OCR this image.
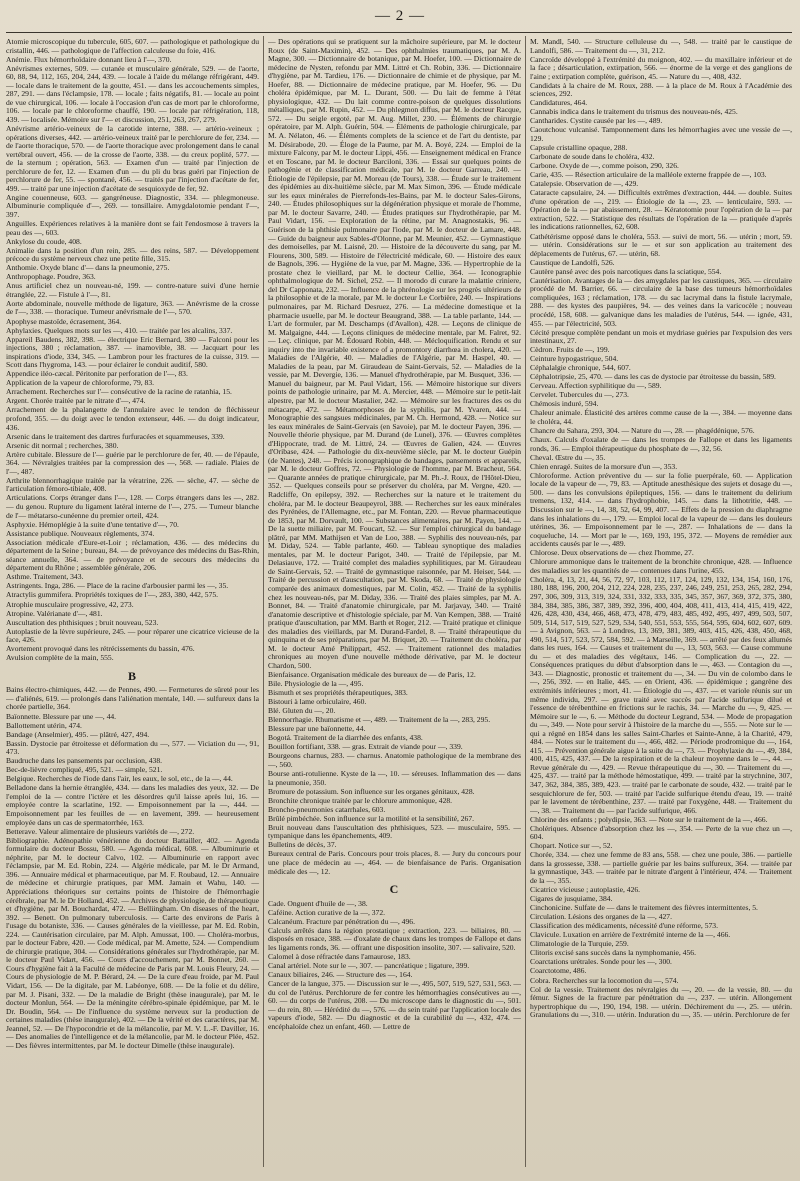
— 2 —

Atomie microscopique du tubercule, 605, 607. — pathologique et pathologique du cristallin, 446. — pathologique de l'affection calculeuse du foie, 416.

Anémie. Flux hémorrhoïdaire donnant lieu à l'—, 370.

Anévrismes externes, 509. — cutanée et musculaire générale, 529. — de l'aorte, 60, 88, 94, 112, 165, 204, 244, 439. — locale à l'aide du mélange réfrigérant, 449. — locale dans le traitement de la goutte, 451. — dans les accouchements simples, 287, 291. — dans l'éclampsie, 178. — locale ; faits négatifs, 81. — locale au point de vue chirurgical, 106. — locale à l'occasion d'un cas de mort par le chloroforme, 106. — locale par le chloroforme chauffé, 190. — locale par réfrigération, 118, 439. — localisée. Mémoire sur l'— et discussion, 251, 263, 267, 279.

Anévrisme artério-veineux de la carotide interne, 388. — artério-veineux ; opérations diverses, 442. — artério-veineux traité par le perchlorure de fer, 234. — de l'aorte thoracique, 570. — de l'aorte thoracique avec prolongement dans le canal vertébral ouvert, 456. — de la crosse de l'aorte, 338. — du creux poplité, 577. — de la sternum ; opération, 563. — Examen d'un — traité par l'injection de perchlorure de fer, 12. — Examen d'un — du pli du bras guéri par l'injection de perchlorure de fer, 55. — spontané, 456. — traités par l'injection d'acétate de fer, 499. — traité par une injection d'acétate de sesquioxyde de fer, 92.

Angine couenneuse, 603. — gangréneuse. Diagnostic, 334. — phlegmoneuse. Albuminurie compliquée d'—, 269. — tonsillaire. Amygdalotomie pendant l'—, 397.

Anguilles. Expériences relatives à la manière dont se fait l'endosmose à travers la peau des —, 603.

Ankylose du coude, 408.

Animalie dans la position d'un rein, 285. — des reins, 587. — Développement précoce du système nerveux chez une petite fille, 315.

Anthomie. Oxyde blanc d'— dans la pneumonie, 275.

Anthropophage. Poudre, 363.

Anus artificiel chez un nouveau-né, 199. — contre-nature suivi d'une hernie étranglée, 22. — Fistule à l'—, 81.

Aorte abdominale, nouvelle méthode de ligature, 363. — Anévrisme de la crosse de l'—, 338. — thoracique. Tumeur anévrismale de l'—, 570.

Apophyse mastoïde, écrasement, 364.

Aphylaxies. Quelques mots sur les —, 410. — traitée par les alcalins, 337.

Appareil Baudens, 382, 398. — électrique Eric Bernard, 380 — Falconi pour les injections, 380 ; réclamation, 387. — inamovible, 38. — Jacquart pour les inspirations d'iode, 334, 345. — Lambron pour les fractures de la cuisse, 319. — Scott dans l'hygroma, 143. — pour éclairer le conduit auditif, 580.

Appendice iléo-cæcal. Péritonite par perforation de l'—, 83.

Application de la vapeur de chloroforme, 79, 83.

Arrachement. Recherches sur l'— consécutive de la racine de ratanhia, 15.

Argent. Chorée traitée par le nitrate d'—, 474.

Arrachement de la phalangette de l'annulaire avec le tendon de fléchisseur profond, 355. — du doigt avec le tendon extenseur, 446. — du doigt indicateur, 436.

Arsenic dans le traitement des dartres furfuracées et squammeuses, 339.

Arsenic dit normal ; recherches, 380.

Artère cubitale. Blessure de l'— guérie par le perchlorure de fer, 40. — de l'épaule, 364. — Névralgies traitées par la compression des —, 568. — radiale. Plaies de l'—, 487.

Arthrite blennorrhagique traitée par la vératrine, 226. — sèche, 47. — sèche de l'articulation fémoro-tibiale, 408.

Articulations. Corps étranger dans l'—, 128. — Corps étrangers dans les —, 282. — du genou. Rupture du ligament latéral interne de l'—, 275. — Tumeur blanche de l'— métatarso-cunéenne du premier orteil, 424.

Asphyxie. Hémoplégie à la suite d'une tentative d'—, 70.

Assistance publique. Nouveaux règlements, 374.

Association médicale d'Eure-et-Loir ; réclamation, 436. — des médecins du département de la Seine ; bureau, 84. — de prévoyance des médecins du Bas-Rhin, séance annuelle, 364. — de prévoyance et de secours des médecins du département du Rhône ; assemblée générale, 206.

Asthme. Traitement, 343.

Astringents. Inga, 286. — Place de la racine d'arbousier parmi les —, 35.

Atractylis gummifera. Propriétés toxiques de l'—, 283, 380, 442, 575.

Atrophie musculaire progressive, 42, 273.

Atropine. Valérianate d'—, 481.

Auscultation des phthisiques ; bruit nouveau, 523.

Autoplastie de la lèvre supérieure, 245. — pour réparer une cicatrice vicieuse de la face, 426.

Avortement provoqué dans les rétrécissements du bassin, 476.

Avulsion complète de la main, 555.

B

Bains électro-chimiques, 442. — de Pennes, 490. — Fermetures de sûreté pour les — d'aliénés, 619. — prolongés dans l'aliénation mentale, 140. — sulfureux dans la chorée partielle, 364.

Baïonnette. Blessure par une —, 44.

Ballottement utérin, 474.

Bandage (Anselmier), 495. — plâtré, 427, 494.

Bassin. Dystocie par étroitesse et déformation du —, 577. — Viciation du —, 91, 473.

Baudruche dans les pansements par occlusion, 438.

Bec-de-lièvre compliqué, 495, 521. — simple, 521.

Belgique. Recherches de l'iode dans l'air, les eaux, le sol, etc., de la —, 44.

Belladone dans la hernie étranglée, 434. — dans les maladies des yeux, 32. — De l'emploi de la — contre l'ictère et les désordres qu'il laisse après lui, 16. — employée contre la scarlatine, 192. — Empoisonnement par la —, 444. — Empoisonnement par les feuilles de — en lavement, 399. — heureusement employée dans un cas de spermatorrhée, 163.

Betterave. Valeur alimentaire de plusieurs variétés de —, 272.

Bibliographie. Adénopathie vénérienne du docteur Battailler, 402. — Agenda formulaire du docteur Bossu, 580. — Agenda médical, 608. — Albuminurie et néphrite, par M. le docteur Calvo, 102. — Albuminurie en rapport avec l'éclampsie, par M. Ed. Robin, 224. — Algérie médicale, par M. le Dr Armand, 396. — Annuaire médical et pharmaceutique, par M. F. Roubaud, 12. — Annuaire de médecine et chirurgie pratiques, par MM. Jamain et Wahu, 140. — Appréciations théoriques sur certains points de l'histoire de l'hémorrhagie cérébrale, par M. le Dr Holland, 452. — Archives de physiologie, de thérapeutique et d'hygiène, par M. Bouchardat, 472. — Belliingham. On diseases of the heart, 392. — Benett. On pulmonary tuberculosis. — Carte des environs de Paris à l'usage du botaniste, 336. — Causes générales de la vieillesse, par M. Ed. Robin, 224. — Cautérisation circulaire, par M. Alph. Amussat, 100. — Choléra-morbus, par le docteur Fabre, 420. — Code médical, par M. Amette, 524. — Compendium de chirurgie pratique, 304. — Considérations générales sur l'hydrothérapie, par M. le docteur Paul Vidart, 456. — Cours d'accouchement, par M. Bonnet, 260. — Cours d'hygiène fait à la Faculté de médecine de Paris par M. Louis Fleury, 24. — Cours de physiologie de M. P. Bérard, 24. — De la cure d'eau froide, par M. Paul Vidart, 156. — De la digitale, par M. Labéonye, 608. — De la folie et du délire, par M. J. Pisani, 332. — De la maladie de Bright (thèse inaugurale), par M. le docteur Monlun, 564. — De la méningite cérébro-spinale épidémique, par M. le Dr. Boudin, 564. — De l'influence du système nerveux sur la production de certaines maladies (thèse inaugurale), 402. — De la vérité et des caractères, par M. Jeannel, 52. — De l'hypocondrie et de la mélancolie, par M. V. L.-F. Daviller, 16. — Des anomalies de l'intelligence et de la mélancolie, par M. le docteur Plée, 452. — Des fièvres intermittentes, par M. le docteur Dimelle (thèse inaugurale).

— Des opérations qui se pratiquent sur la mâchoire supérieure, par M. le docteur Roux (de Saint-Maximin), 452. — Des ophthalmies traumatiques, par M. A. Magne, 300. — Dictionnaire de botanique, par M. Hoefer, 100. — Dictionnaire de médecine de Nysten, refondu par MM. Littré et Ch. Robin, 336. — Dictionnaire d'hygiène, par M. Tardieu, 176. — Dictionnaire de chimie et de physique, par M. Hoefer, 88. — Dictionnaire de médecine pratique, par M. Hoefer, 96. — Du choléra épidémique, par M. L. Durant, 500. — Du lait de femme à l'état physiologique, 432. — Du lait comme contre-poison de quelques dissolutions métalliques, par M. Rupin, 452. — Du phlegmon diffus, par M. le docteur Racque, 572. — Du seigle ergoté, par M. Aug. Millet, 230. — Éléments de chirurgie opératoire, par M. Alph. Guérin, 504. — Éléments de pathologie chirurgicale, par M. A. Nélaton, 46. — Éléments complets de la science et de l'art du dentiste, par M. Désirabode, 20. — Éloge de la Paume, par M. A. Boyé, 224. — Emploi de la mixture Falcony, par M. le docteur Lippi, 456. — Enseignement médical en France et en Toscane, par M. le docteur Barciloni, 336. — Essai sur quelques points de pathogénie et de classification médicale, par M. le docteur Garreau, 240. — Étiologie de l'épilepsie, par M. Moreau (de Tours), 338. — Étude sur le traitement des épidémies au dix-huitième siècle, par M. Max Simon, 396. — Étude médicale sur les eaux minérales de Pierrefonds-les-Bains, par M. le docteur Sales-Girons, 240. — Études philosophiques sur la dégénération physique et morale de l'homme, par M. le docteur Savarre, 240. — Études pratiques sur l'hydrothérapie, par M. Paul Vidart, 156. — Exploration de la rétine, par M. Anagnostakis, 96. — Guérison de la phthisie pulmonaire par l'iode, par M. le docteur de Lamare, 448. — Guide du baigneur aux Sables-d'Olonne, par M. Meunier, 452. — Gymnastique des demoiselles, par M. Laisné, 20. — Histoire de la découverte du sang, par M. Flourens, 300, 589. — Histoire de l'électricité médicale, 60. — Histoire des eaux de Bagnols, 396. — Hygiène de la vue, par M. Magne, 336. — Hypertrophie de la prostate chez le vieillard, par M. le docteur Cellie, 364. — Iconographie ophthalmologique de M. Sichel, 252. — Il morodo di curare la malattie criniere, del Dr Capponata, 232. — Influence de la phrénologie sur les progrès ultérieurs de la philosophie et de la morale, par M. le docteur Le Corbière, 240. — Inspirations pulmonaires, par M. Richard Desruez, 276. — La médecine domestique et la pharmacie usuelle, par M. le docteur Beaugrand, 388. — La table parlante, 144. — L'art de formuler, par M. Deschamps (d'Avallon), 428. — Leçons de clinique de M. Malgaigne, 444. — Leçons cliniques de médecine mentale, par M. Falret, 92. — Leç. clinique, par M. Édouard Robin, 448. — Mécloquification. Rendu et sur inquiry into the invariable existence of a promontory diarrhœa in cholera, 420. — Maladies de l'Algérie, 40. — Maladies de l'Algérie, par M. Haspel, 40. — Maladies de la peau, par M. Giraudeau de Saint-Gervais, 52. — Maladies de la vessie, par M. Devergie, 136. — Manuel d'hydrothérapie, par M. Busquet, 336. — Manuel du baigneur, par M. Paul Vidart, 156. — Mémoire historique sur divers points de pathologie urinaire, par M. A. Mercier, 448. — Mémoire sur le petit-lait alpestre, par M. le docteur Mastalier, 242. — Mémoire sur les fractures des os du métacarpe, 472. — Métamorphoses de la syphilis, par M. Yvaren, 444. — Monographie des sangsues médicinales, par M. Ch. Hermond, 428. — Notice sur les eaux minérales de Saint-Gervais (en Savoie), par M. le docteur Payen, 396. — Nouvelle théorie physique, par M. Durand (de Lunel), 376. — Œuvres complètes d'Hippocrate, trad. de M. Littré, 24. — Œuvres de Galien, 424. — Œuvres d'Oribase, 424. — Pathologie du dix-neuvième siècle, par M. le docteur Guépin (de Nantes), 248. — Précis iconographique de bandages, pansements et appareils, par M. le docteur Goffres, 72. — Physiologie de l'homme, par M. Bracheut, 564. — Quarante années de pratique chirurgicale, par M. Ph.-J. Roux, de l'Hôtel-Dieu, 352. — Quelques conseils pour se préserver du choléra, par M. Vergne, 420. — Radcliffe, On epilepsy, 392. — Recherches sur la nature et le traitement du choléra, par M. le docteur Beaupeyrol, 388. — Recherches sur les eaux minérales des Pyrénées, de l'Allemagne, etc., par M. Fontan, 220. — Revue pharmaceutique de 1853, par M. Dorvault, 100. — Substances alimentaires, par M. Payen, 144. — De la suette miliaire, par M. Foucart, 52. — Sur l'emploi chirurgical du bandage plâtré, par MM. Mathijsen et Van de Loo, 388. — Syphilis des nouveau-nés, par M. Diday, 524. — Table parlante, 460. — Tableau synoptique des maladies mentales, par M. le docteur Parigot, 340. — Traité de l'épilepsie, par M. Delasiauve, 172. — Traité complet des maladies syphilitiques, par M. Giraudeau de Saint-Gervais, 52. — Traité de gymnastique raisonnée, par M. Heiser, 544. — Traité de percussion et d'auscultation, par M. Skoda, 68. — Traité de physiologie comparée des animaux domestiques, par M. Colin, 452. — Traité de la syphilis chez les nouveau-nés, par M. Diday, 336. — Traité des plaies simples, par M. A. Bonnet, 84. — Traité d'anatomie chirurgicale, par M. Jarjavay, 340. — Traité d'anatomie descriptive et d'histologie spéciale, par M. Van Kempen, 388. — Traité pratique d'auscultation, par MM. Barth et Roger, 212. — Traité pratique et clinique des maladies des vieillards, par M. Durand-Fardel, 8. — Traité thérapeutique du quinquina et de ses préparations, par M. Briquet, 20. — Traitement du choléra, par M. le docteur Amé Philippart, 452. — Traitement rationnel des maladies chroniques au moyen d'une nouvelle méthode dérivative, par M. le docteur Chardon, 500.

Bienfaisance. Organisation médicale des bureaux de — de Paris, 12.

Bile. Physiologie de la —, 495.

Bismuth et ses propriétés thérapeutiques, 383.

Bistouri à lame orbiculaire, 460.

Blé. Gluten du —, 20.

Blennorrhagie. Rhumatisme et —, 489. — Traitement de la —, 283, 295.

Blessure par une baïonnette, 44.

Bogotá. Traitement de la diarrhée des enfants, 438.

Bouillon fortifiant, 338. — gras. Extrait de viande pour —, 339.

Bourgeons charnus, 283. — charnus. Anatomie pathologique de la membrane des —, 560.

Bourse anti-rotulienne. Kyste de la —, 10. — séreuses. Inflammation des — dans la pneumonie, 350.

Bromure de potassium. Son influence sur les organes génitaux, 428.

Bronchite chronique traitée par le chlorure ammonique, 428.

Broncho-pneumonies catarrhales, 603.

Brûlé pimbéchée. Son influence sur la motilité et la sensibilité, 267.

Bruit nouveau dans l'auscultation des phthisiques, 523. — musculaire, 595. — tympanique dans les épanchements, 409.

Bulletins de décès, 37.

Bureaux central de Paris. Concours pour trois places, 8. — Jury du concours pour une place de médecin au —, 464. — de bienfaisance de Paris. Organisation médicale des —, 12.

C

Cade. Onguent d'huile de —, 38.

Caféine. Action curative de la —, 372.

Calcanéum. Fracture par pénétration du —, 496.

Calculs arrêtés dans la région prostatique ; extraction, 223. — biliaires, 80. — disposés en rosace, 388. — d'oxalate de chaux dans les trompes de Fallope et dans les ligaments ronds, 36. — offrant une disposition insolite, 307. — salivaire, 520.

Calomel à dose réfractée dans l'amaurose, 183.

Canal artériel. Note sur le —, 307. — pancréatique ; ligature, 399.

Canaux biliaires, 246. — Structure des —, 164.

Cancer de la langue, 375. — Discussion sur le —, 495, 507, 519, 527, 531, 563. — du col de l'utérus. Perchlorure de fer contre les hémorrhagies consécutives au —, 60. — du corps de l'utérus, 208. — Du microscope dans le diagnostic du —, 501. — du rein, 80. — Hérédité du —, 576. — du sein traité par l'application locale des vapeurs d'iode, 582. — Du diagnostic et de la curabilité du —, 432, 474. — encéphaloïde chez un enfant, 460. — Lettre de

M. Mandl, 540. — Structure celluleuse du —, 548. — traité par le caustique de Landolfi, 586. — Traitement du —, 31, 212.

Cancroïde développé à l'extrémité du moignon, 402. — du maxillaire inférieur et de la face ; désarticulation, extirpation, 566. — énorme de la verge et des ganglions de l'aine ; extirpation complète, guérison, 45. — Nature du —, 408, 432.

Candidats à la chaire de M. Roux, 288. — à la place de M. Roux à l'Académie des sciences, 292.

Candidatures, 464.

Cannabis indica dans le traitement du trismus des nouveau-nés, 425.

Cantharides. Cystite causée par les —, 489.

Caoutchouc vulcanisé. Tamponnement dans les hémorrhagies avec une vessie de —, 129.

Capsule cristalline opaque, 288.

Carbonate de soude dans le choléra, 432.

Carbone. Oxyde de —, comme poison, 290, 326.

Carie, 435. — Résection articulaire de la malléole externe frappée de —, 103.

Catalepsie. Observation de —, 429.

Cataracte capsulaire, 24. — Difficultés extrêmes d'extraction, 444. — double. Suites d'une opération de —, 219. — Étiologie de la —, 23. — lenticulaire, 593. — Opération de la — par abaissement, 28. — Kératotomie pour l'opération de la — par extraction, 522. — Statistique des résultats de l'opération de la — pratiquée d'après les indications rationnelles, 62, 608.

Cathétérisme opposé dans le choléra, 553. — suivi de mort, 56. — utérin ; mort, 59. — utérin. Considérations sur le — et sur son application au traitement des déplacements de l'utérus, 67. — utérin, 68.

Caustique de Landolfi, 526.

Cautère pansé avec des pois narcotiques dans la sciatique, 554.

Cautérisation. Avantages de la — des amygdales par les caustiques, 365. — circulaire procédé de M. Barrier, 66. — circulaire de la base des tumeurs hémorrhoïdales compliquées, 163 ; réclamation, 178. — du sac lacrymal dans la fistule lacrymale, 288. — des kystes des paupières, 94. — des veines dans la varicocèle ; nouveau procédé, 158, 608. — galvanique dans les maladies de l'utérus, 544. — ignée, 431, 455. — par l'électricité, 503.

Cécité presque complète pendant un mois et mydriase guéries par l'expulsion des vers intestinaux, 27.

Cèdron. Fruits de —, 199.

Ceinture hypogastrique, 504.

Céphalalgie chronique, 544, 607.

Céphalotripsie, 25, 470. — dans les cas de dystocie par étroitesse du bassin, 589.

Cerveau. Affection syphilitique du —, 589.

Cervelet. Tubercules du —, 273.

Chémosis induré, 594.

Chaleur animale. Élasticité des artères comme cause de la —, 384. — moyenne dans le choléra, 44.

Chancre du Sahara, 293, 304. — Nature du —, 28. — phagédénique, 576.

Chaux. Calculs d'oxalate de — dans les trompes de Fallope et dans les ligaments ronds, 36. — Emploi thérapeutique du phosphate de —, 32, 56.

Cheval. Œstre du —, 35.

Chien enragé. Suites de la morsure d'un —, 353.

Chloroforme. Action préventive du — sur la folie puerpérale, 60. — Application locale de la vapeur de —, 79, 83. — Aptitude anesthésique des sujets et dosage du —, 500. — dans les convulsions épileptiques, 156. — dans le traitement du delirium tremens, 132, 414. — dans l'hydrophobie, 145. — dans la lithotritie, 448. — Discussion sur le —, 14, 38, 52, 64, 99, 407. — Effets de la pression du diaphragme dans les inhalations du —, 179. — Emploi local de la vapeur de — dans les douleurs utérines, 36. — Empoisonnement par le —, 287. — Inhalations de — dans la coqueluche, 14. — Mort par le —, 169, 193, 195, 372. — Moyens de remédier aux accidents causés par le —, 489.

Chlorose. Deux observations de — chez l'homme, 27.

Chlorure ammonique dans le traitement de la bronchite chronique, 428. — Influence des maladies sur les quantités de — contenues dans l'urine, 455.

Choléra, 4, 13, 21, 44, 56, 72, 97, 103, 112, 117, 124, 129, 132, 134, 154, 160, 176, 180, 188, 196, 200, 204, 212, 224, 228, 235, 237, 246, 249, 251, 253, 265, 282, 294, 297, 306, 309, 313, 319, 324, 331, 332, 333, 335, 345, 357, 367, 369, 372, 375, 380, 384, 384, 385, 386, 387, 389, 392, 396, 400, 404, 408, 411, 413, 414, 415, 419, 422, 426, 428, 430, 434, 466, 468, 473, 478, 479, 483, 485, 492, 495, 497, 499, 503, 507, 509, 514, 517, 519, 527, 529, 534, 540, 551, 553, 555, 564, 595, 604, 602, 607, 609. — à Avignon, 563. — à Londres, 13, 369, 381, 389, 403, 415, 426, 438, 450, 468, 490, 514, 517, 523, 572, 584, 592. — à Marseille, 369. — arrêté par des feux allumés dans les rues, 164. — Causes et traitement du —, 13, 503, 563. — Cause commune du — et des maladies des végétaux, 146. — Complication du —, 22. — Conséquences pratiques du début d'absorption dans le —, 463. — Contagion du —, 343. — Diagnostic, pronostic et traitement du —, 34. — Du vin de colombo dans le —, 256, 392. — en Italie, 445. — en Orient, 436. — épidémique ; gangrène des extrémités inférieures ; mort, 41. — Étiologie du —, 437. — et variole réunis sur un même individu, 297. — grave traité avec succès par l'acide sulfurique dilué et l'essence de térébenthine en frictions sur le rachis, 34. — Marche du —, 9, 425. — Mémoire sur le —, 6. — Méthode du docteur Legrand, 534. — Mode de propagation du —, 349. — Note pour servir à l'histoire de la marche du —, 555. — Note sur le — qui a régné en 1854 dans les salles Saint-Charles et Sainte-Anne, à la Charité, 479, 484. — Notes sur le traitement du —, 466, 482. — Période prodromique du —, 164, 415. — Prévention générale aigue à la suite du —, 73. — Prophylaxie du —, 49, 384, 400, 415, 425, 437. — De la respiration et de la chaleur moyenne dans le —, 44. — Revue générale du —, 429. — Revue thérapeutique du —, 30. — Traitement du —, 425, 437. — traité par la méthode hémostatique, 499. — traité par la strychnine, 307, 347, 362, 384, 385, 389, 423. — traité par le carbonate de soude, 432. — traité par le sesquichlorure de fer, 503. — traité par l'acide sulfurique étendu d'eau, 19. — traité par le lavement de térébenthine, 237. — traité par l'oxygène, 448. — Traitement du —, 38. — Traitement du — par l'acide sulfurique, 466.

Chlorine des enfants ; polydipsie, 363. — Note sur le traitement de la —, 466.

Cholériques. Absence d'absorption chez les —, 354. — Perte de la vue chez un —, 604.

Chopart. Notice sur —, 52.

Chorée, 334. — chez une femme de 83 ans, 558. — chez une poule, 386. — partielle dans la grossesse, 338. — partielle guérie par les bains sulfureux, 364. — traitée par la gymnastique, 343. — traitée par le nitrate d'argent à l'intérieur, 474. — Traitement de la —, 355.

Cicatrice vicieuse ; autoplastie, 426.

Cigares de jusquiame, 384.

Cinchonicine. Sulfate de — dans le traitement des fièvres intermittentes, 5.

Circulation. Lésions des organes de la —, 427.

Classification des médicaments, nécessité d'une réforme, 573.

Clavicule. Luxation en arrière de l'extrémité interne de la —, 466.

Climatologie de la Turquie, 259.

Clitoris excisé sans succès dans la nymphomanie, 456.

Coarctations urétrales. Sonde pour les —, 300.

Coarctotome, 486.

Cobra. Recherches sur la locomotion du —, 574.

Col de la vessie. Traitement des névralgies du —, 20. — de la vessie, 80. — du fémur. Signes de la fracture par pénétration du —, 237. — utérin. Allongement hypertrophique du —, 190, 194, 198. — utérin. Déchirement du —, 25. — utérin. Granulations du —, 310. — utérin. Induration du —, 35. — utérin. Perchlorure de fer
